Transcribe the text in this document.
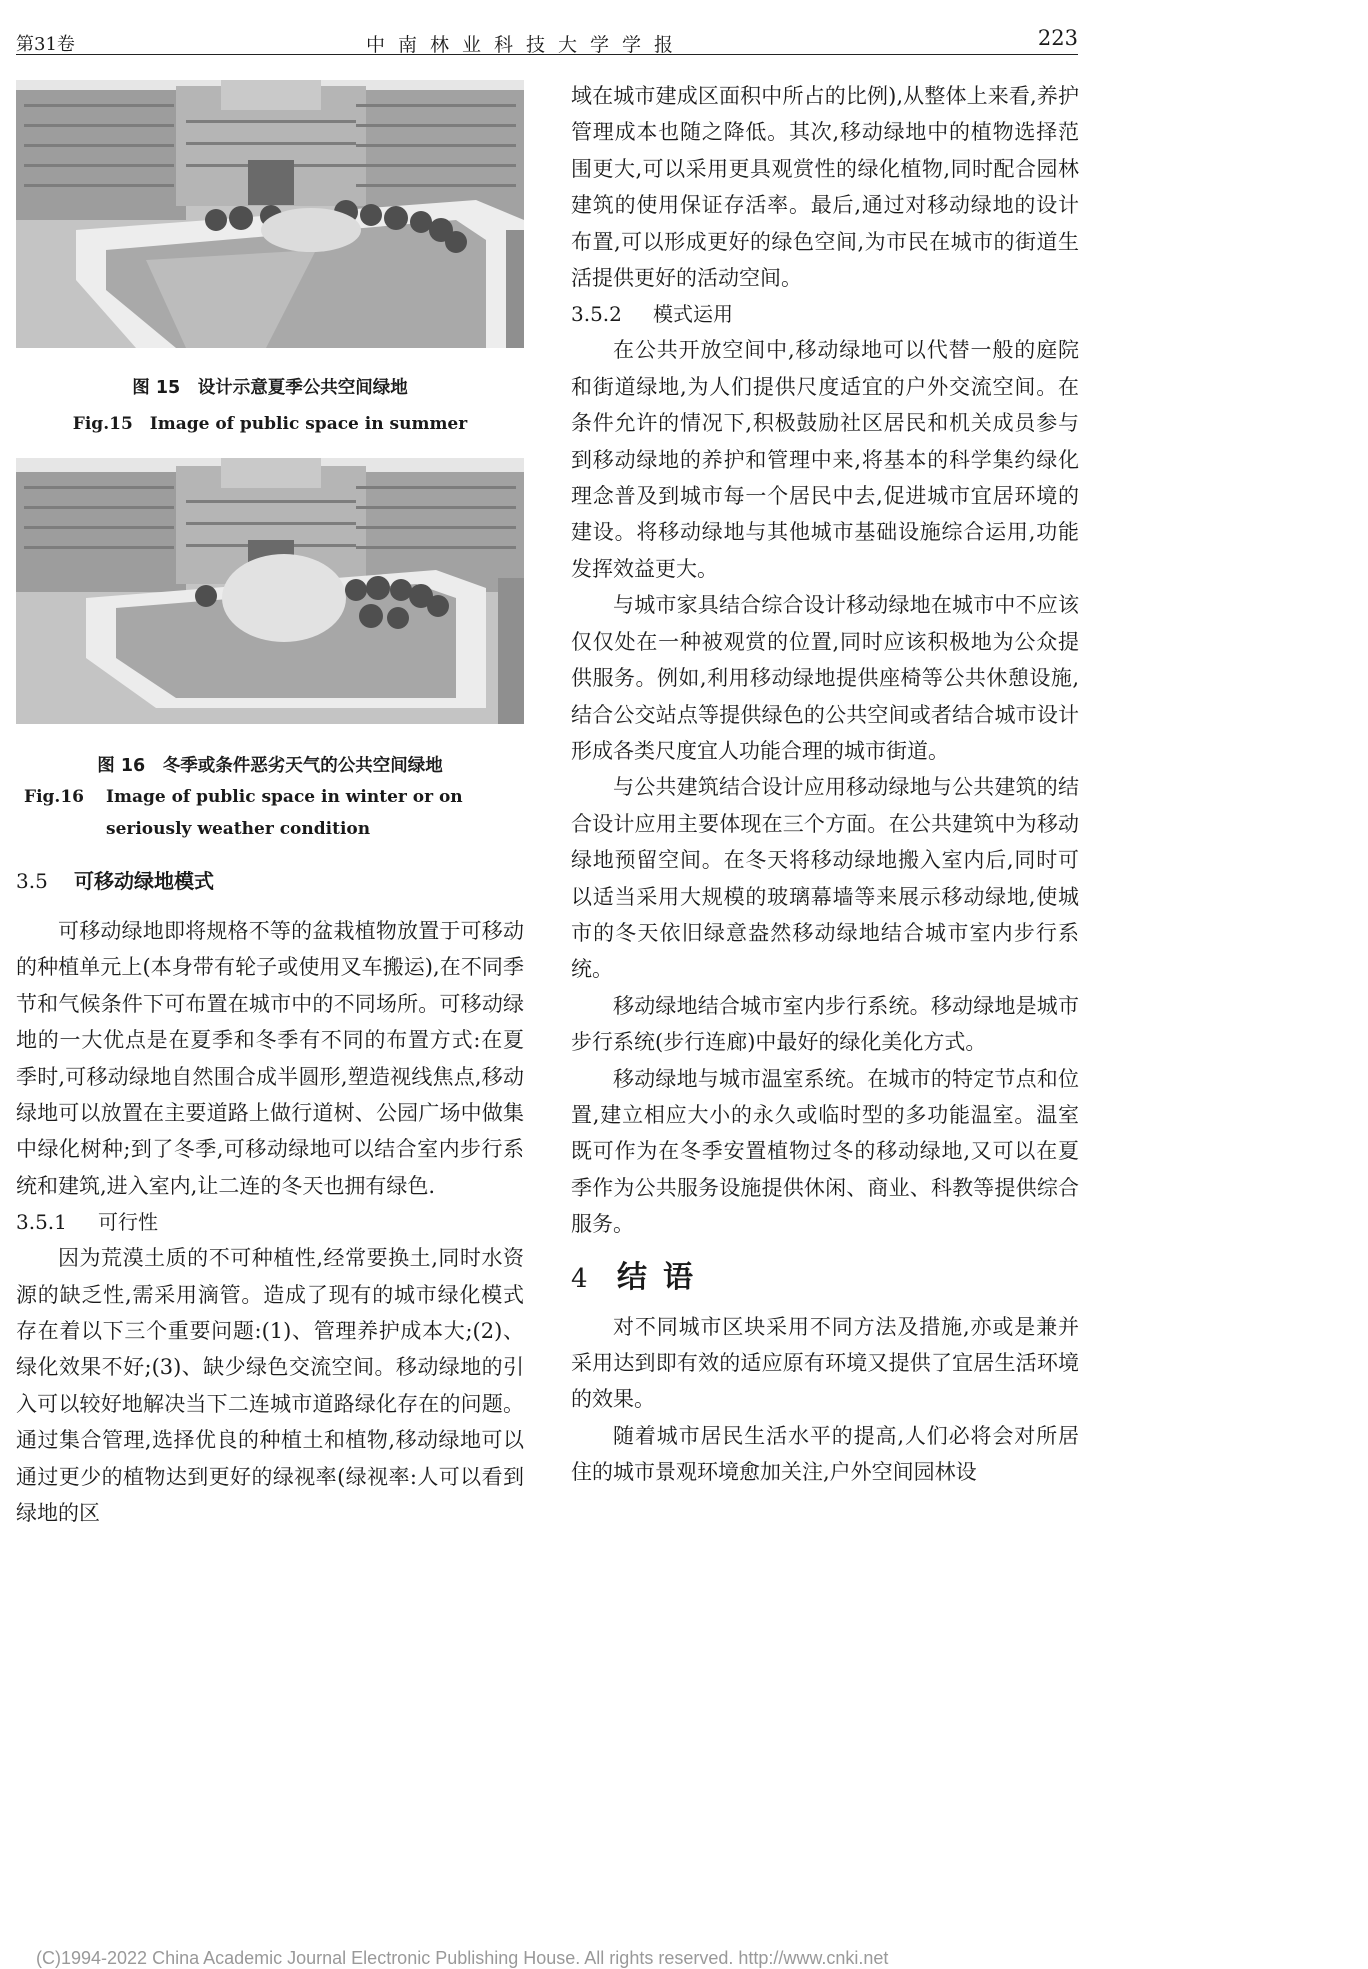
第31卷	中南林业科技大学学报	223
图 15　设计示意夏季公共空间绿地
Fig.15　Image of public space in summer
图 16　冬季或条件恶劣天气的公共空间绿地
Fig.16	Image of public space in winter or on seriously weather condition
3.5 可移动绿地模式

可移动绿地即将规格不等的盆栽植物放置于可移动的种植单元上(本身带有轮子或使用叉车搬运),在不同季节和气候条件下可布置在城市中的不同场所。可移动绿地的一大优点是在夏季和冬季有不同的布置方式:在夏季时,可移动绿地自然围合成半圆形,塑造视线焦点,移动绿地可以放置在主要道路上做行道树、公园广场中做集中绿化树种;到了冬季,可移动绿地可以结合室内步行系统和建筑,进入室内,让二连的冬天也拥有绿色.

3.5.1 可行性

因为荒漠土质的不可种植性,经常要换土,同时水资源的缺乏性,需采用滴管。造成了现有的城市绿化模式存在着以下三个重要问题:(1)、管理养护成本大;(2)、绿化效果不好;(3)、缺少绿色交流空间。移动绿地的引入可以较好地解决当下二连城市道路绿化存在的问题。通过集合管理,选择优良的种植土和植物,移动绿地可以通过更少的植物达到更好的绿视率(绿视率:人可以看到绿地的区

域在城市建成区面积中所占的比例),从整体上来看,养护管理成本也随之降低。其次,移动绿地中的植物选择范围更大,可以采用更具观赏性的绿化植物,同时配合园林建筑的使用保证存活率。最后,通过对移动绿地的设计布置,可以形成更好的绿色空间,为市民在城市的街道生活提供更好的活动空间。

3.5.2 模式运用

在公共开放空间中,移动绿地可以代替一般的庭院和街道绿地,为人们提供尺度适宜的户外交流空间。在条件允许的情况下,积极鼓励社区居民和机关成员参与到移动绿地的养护和管理中来,将基本的科学集约绿化理念普及到城市每一个居民中去,促进城市宜居环境的建设。将移动绿地与其他城市基础设施综合运用,功能发挥效益更大。

与城市家具结合综合设计移动绿地在城市中不应该仅仅处在一种被观赏的位置,同时应该积极地为公众提供服务。例如,利用移动绿地提供座椅等公共休憩设施,结合公交站点等提供绿色的公共空间或者结合城市设计形成各类尺度宜人功能合理的城市街道。

与公共建筑结合设计应用移动绿地与公共建筑的结合设计应用主要体现在三个方面。在公共建筑中为移动绿地预留空间。在冬天将移动绿地搬入室内后,同时可以适当采用大规模的玻璃幕墙等来展示移动绿地,使城市的冬天依旧绿意盎然移动绿地结合城市室内步行系统。

移动绿地结合城市室内步行系统。移动绿地是城市步行系统(步行连廊)中最好的绿化美化方式。

移动绿地与城市温室系统。在城市的特定节点和位置,建立相应大小的永久或临时型的多功能温室。温室既可作为在冬季安置植物过冬的移动绿地,又可以在夏季作为公共服务设施提供休闲、商业、科教等提供综合服务。

4 结语

对不同城市区块采用不同方法及措施,亦或是兼并采用达到即有效的适应原有环境又提供了宜居生活环境的效果。

随着城市居民生活水平的提高,人们必将会对所居住的城市景观环境愈加关注,户外空间园林设

(C)1994-2022 China Academic Journal Electronic Publishing House. All rights reserved. http://www.cnki.net
